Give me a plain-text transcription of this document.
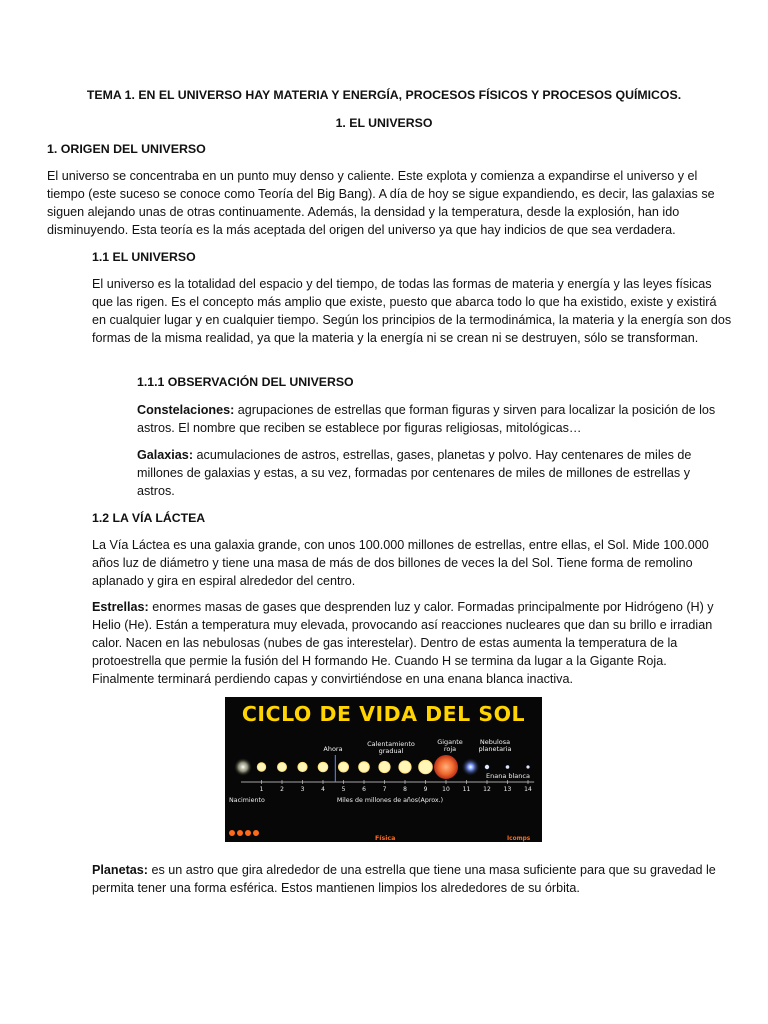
TEMA 1. EN EL UNIVERSO HAY MATERIA Y ENERGÍA, PROCESOS FÍSICOS Y PROCESOS QUÍMICOS.
1. EL UNIVERSO
1. ORIGEN DEL UNIVERSO
El universo se concentraba en un punto muy denso y caliente. Este explota y comienza a expandirse el universo y el tiempo (este suceso se conoce como Teoría del Big Bang). A día de hoy se sigue expandiendo, es decir, las galaxias se siguen alejando unas de otras continuamente. Además, la densidad y la temperatura, desde la explosión, han ido disminuyendo. Esta teoría es la más aceptada del origen del universo ya que hay indicios de que sea verdadera.
1.1 EL UNIVERSO
El universo es la totalidad del espacio y del tiempo, de todas las formas de materia y energía y las leyes físicas que las rigen. Es el concepto más amplio que existe, puesto que abarca todo lo que ha existido, existe y existirá en cualquier lugar y en cualquier tiempo. Según los principios de la termodinámica, la materia y la energía son dos formas de la misma realidad, ya que la materia y la energía ni se crean ni se destruyen, sólo se transforman.
1.1.1 OBSERVACIÓN DEL UNIVERSO
Constelaciones: agrupaciones de estrellas que forman figuras y sirven para localizar la posición de los astros. El nombre que reciben se establece por figuras religiosas, mitológicas…
Galaxias: acumulaciones de astros, estrellas, gases, planetas y polvo. Hay centenares de miles de millones de galaxias y estas, a su vez, formadas por centenares de miles de millones de estrellas y astros.
1.2 LA VÍA LÁCTEA
La Vía Láctea es una galaxia grande, con unos 100.000 millones de estrellas, entre ellas, el Sol. Mide 100.000 años luz de diámetro y tiene una masa de más de dos billones de veces la del Sol. Tiene forma de remolino aplanado y gira en espiral alrededor del centro.
Estrellas: enormes masas de gases que desprenden luz y calor. Formadas principalmente por Hidrógeno (H) y Helio (He). Están a temperatura muy elevada, provocando así reacciones nucleares que dan su brillo e irradian calor. Nacen en las nebulosas (nubes de gas interestelar). Dentro de estas aumenta la temperatura de la protoestrella que permie la fusión del H formando He. Cuando H se termina da lugar a la Gigante Roja. Finalmente terminará perdiendo capas y convirtiéndose en una enana blanca inactiva.
CICLO DE VIDA DEL SOL
1	2	3	4	5	6	7	8	9 10 11 12 13 14
Ahora
Calentamiento
gradual
Gigante
roja
Nebulosa
planetaria
Enana blanca
Nacimiento	Miles de millones de años(Aprox.)
Física	Icomps
Planetas: es un astro que gira alrededor de una estrella que tiene una masa suficiente para que su gravedad le permita tener una forma esférica. Estos mantienen limpios los alrededores de su órbita.
